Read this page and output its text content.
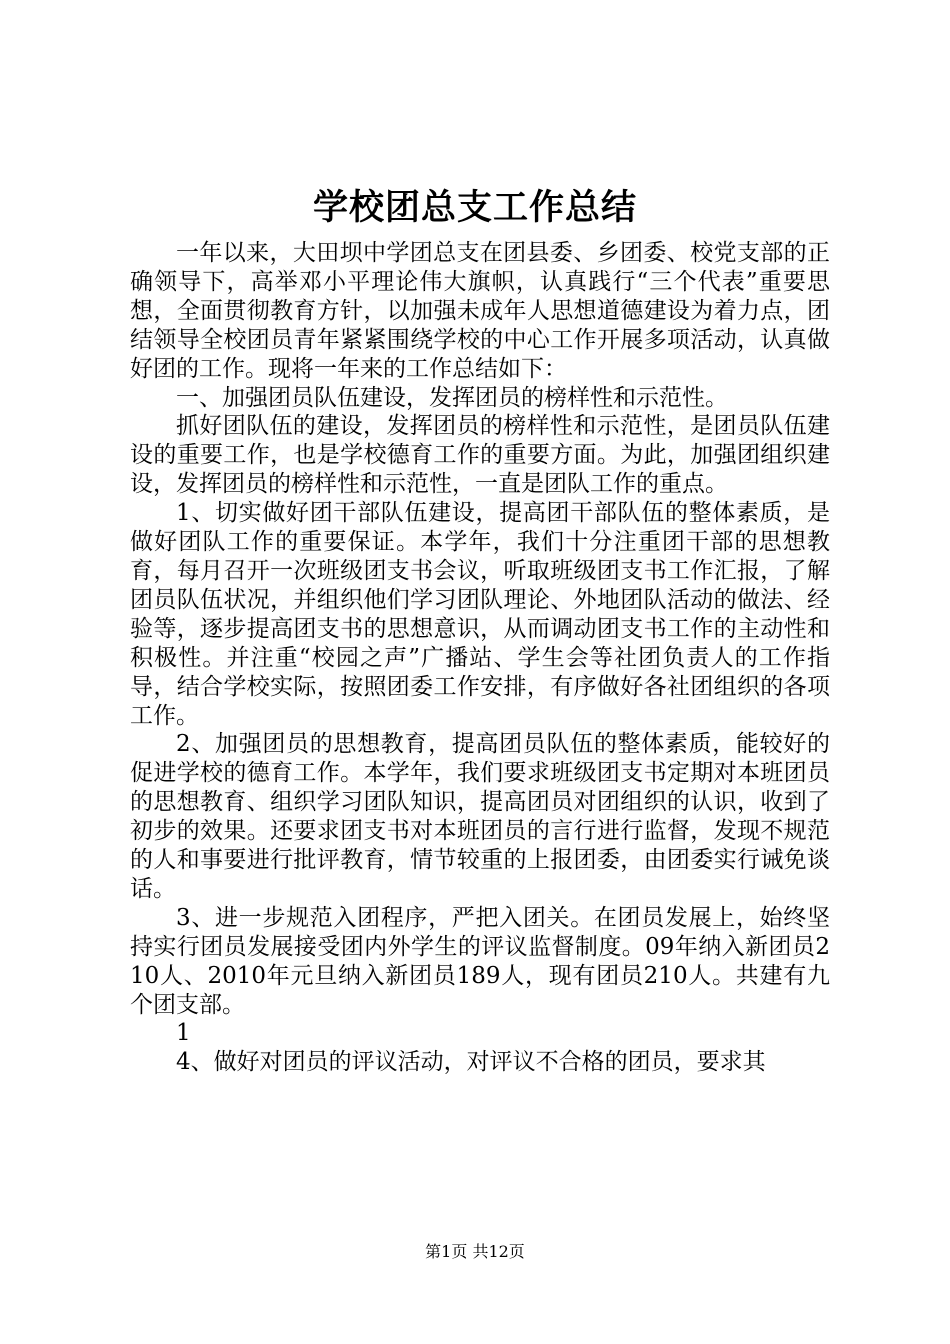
学校团总支工作总结

一年以来，大田坝中学团总支在团县委、乡团委、校党支部的正确领导下，高举邓小平理论伟大旗帜，认真践行“三个代表”重要思想，全面贯彻教育方针，以加强未成年人思想道德建设为着力点，团结领导全校团员青年紧紧围绕学校的中心工作开展多项活动，认真做好团的工作。现将一年来的工作总结如下：

一、加强团员队伍建设，发挥团员的榜样性和示范性。

抓好团队伍的建设，发挥团员的榜样性和示范性，是团员队伍建设的重要工作，也是学校德育工作的重要方面。为此，加强团组织建设，发挥团员的榜样性和示范性，一直是团队工作的重点。

1、切实做好团干部队伍建设，提高团干部队伍的整体素质，是做好团队工作的重要保证。本学年，我们十分注重团干部的思想教育，每月召开一次班级团支书会议，听取班级团支书工作汇报，了解团员队伍状况，并组织他们学习团队理论、外地团队活动的做法、经验等，逐步提高团支书的思想意识，从而调动团支书工作的主动性和积极性。并注重“校园之声”广播站、学生会等社团负责人的工作指导，结合学校实际，按照团委工作安排，有序做好各社团组织的各项工作。

2、加强团员的思想教育，提高团员队伍的整体素质，能较好的促进学校的德育工作。本学年，我们要求班级团支书定期对本班团员的思想教育、组织学习团队知识，提高团员对团组织的认识，收到了初步的效果。还要求团支书对本班团员的言行进行监督，发现不规范的人和事要进行批评教育，情节较重的上报团委，由团委实行诫免谈话。

3、进一步规范入团程序，严把入团关。在团员发展上，始终坚持实行团员发展接受团内外学生的评议监督制度。09年纳入新团员210人、2010年元旦纳入新团员189人，现有团员210人。共建有九个团支部。

1

4、做好对团员的评议活动，对评议不合格的团员，要求其

第1页 共12页
